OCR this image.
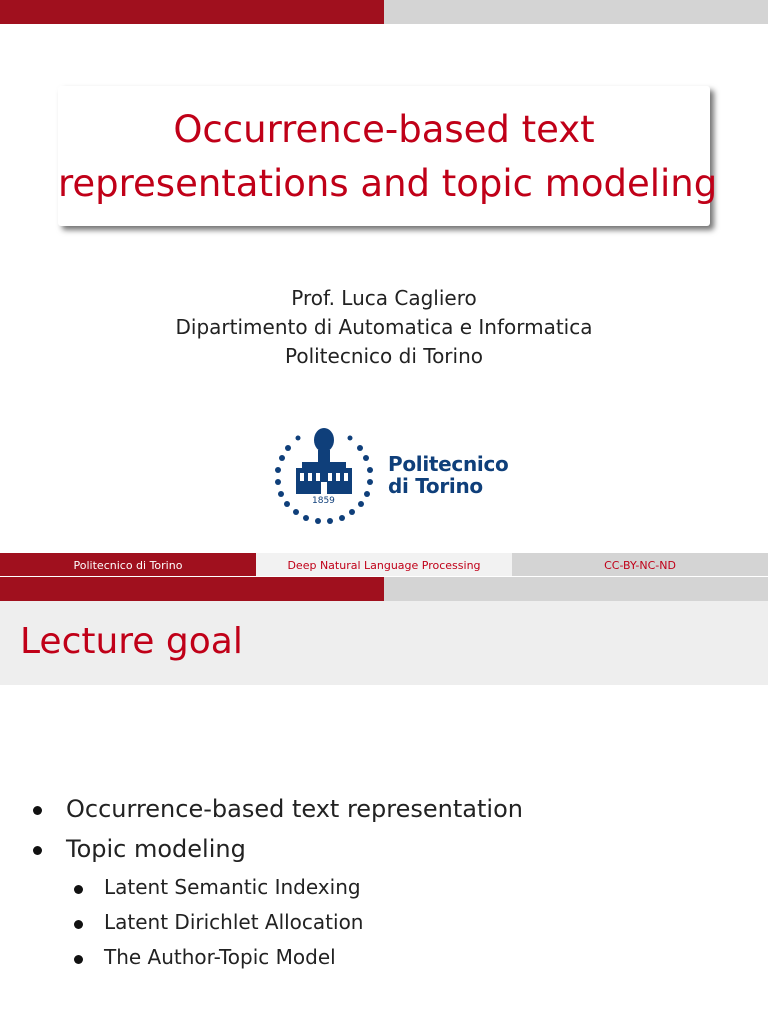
Occurrence-based text
representations and topic modeling
Prof. Luca Cagliero
Dipartimento di Automatica e Informatica
Politecnico di Torino
1859
Politecnico
di Torino
Politecnico di Torino	Deep Natural Language Processing	CC-BY-NC-ND
Lecture goal
Occurrence-based text representation
Topic modeling
Latent Semantic Indexing
Latent Dirichlet Allocation
The Author-Topic Model
